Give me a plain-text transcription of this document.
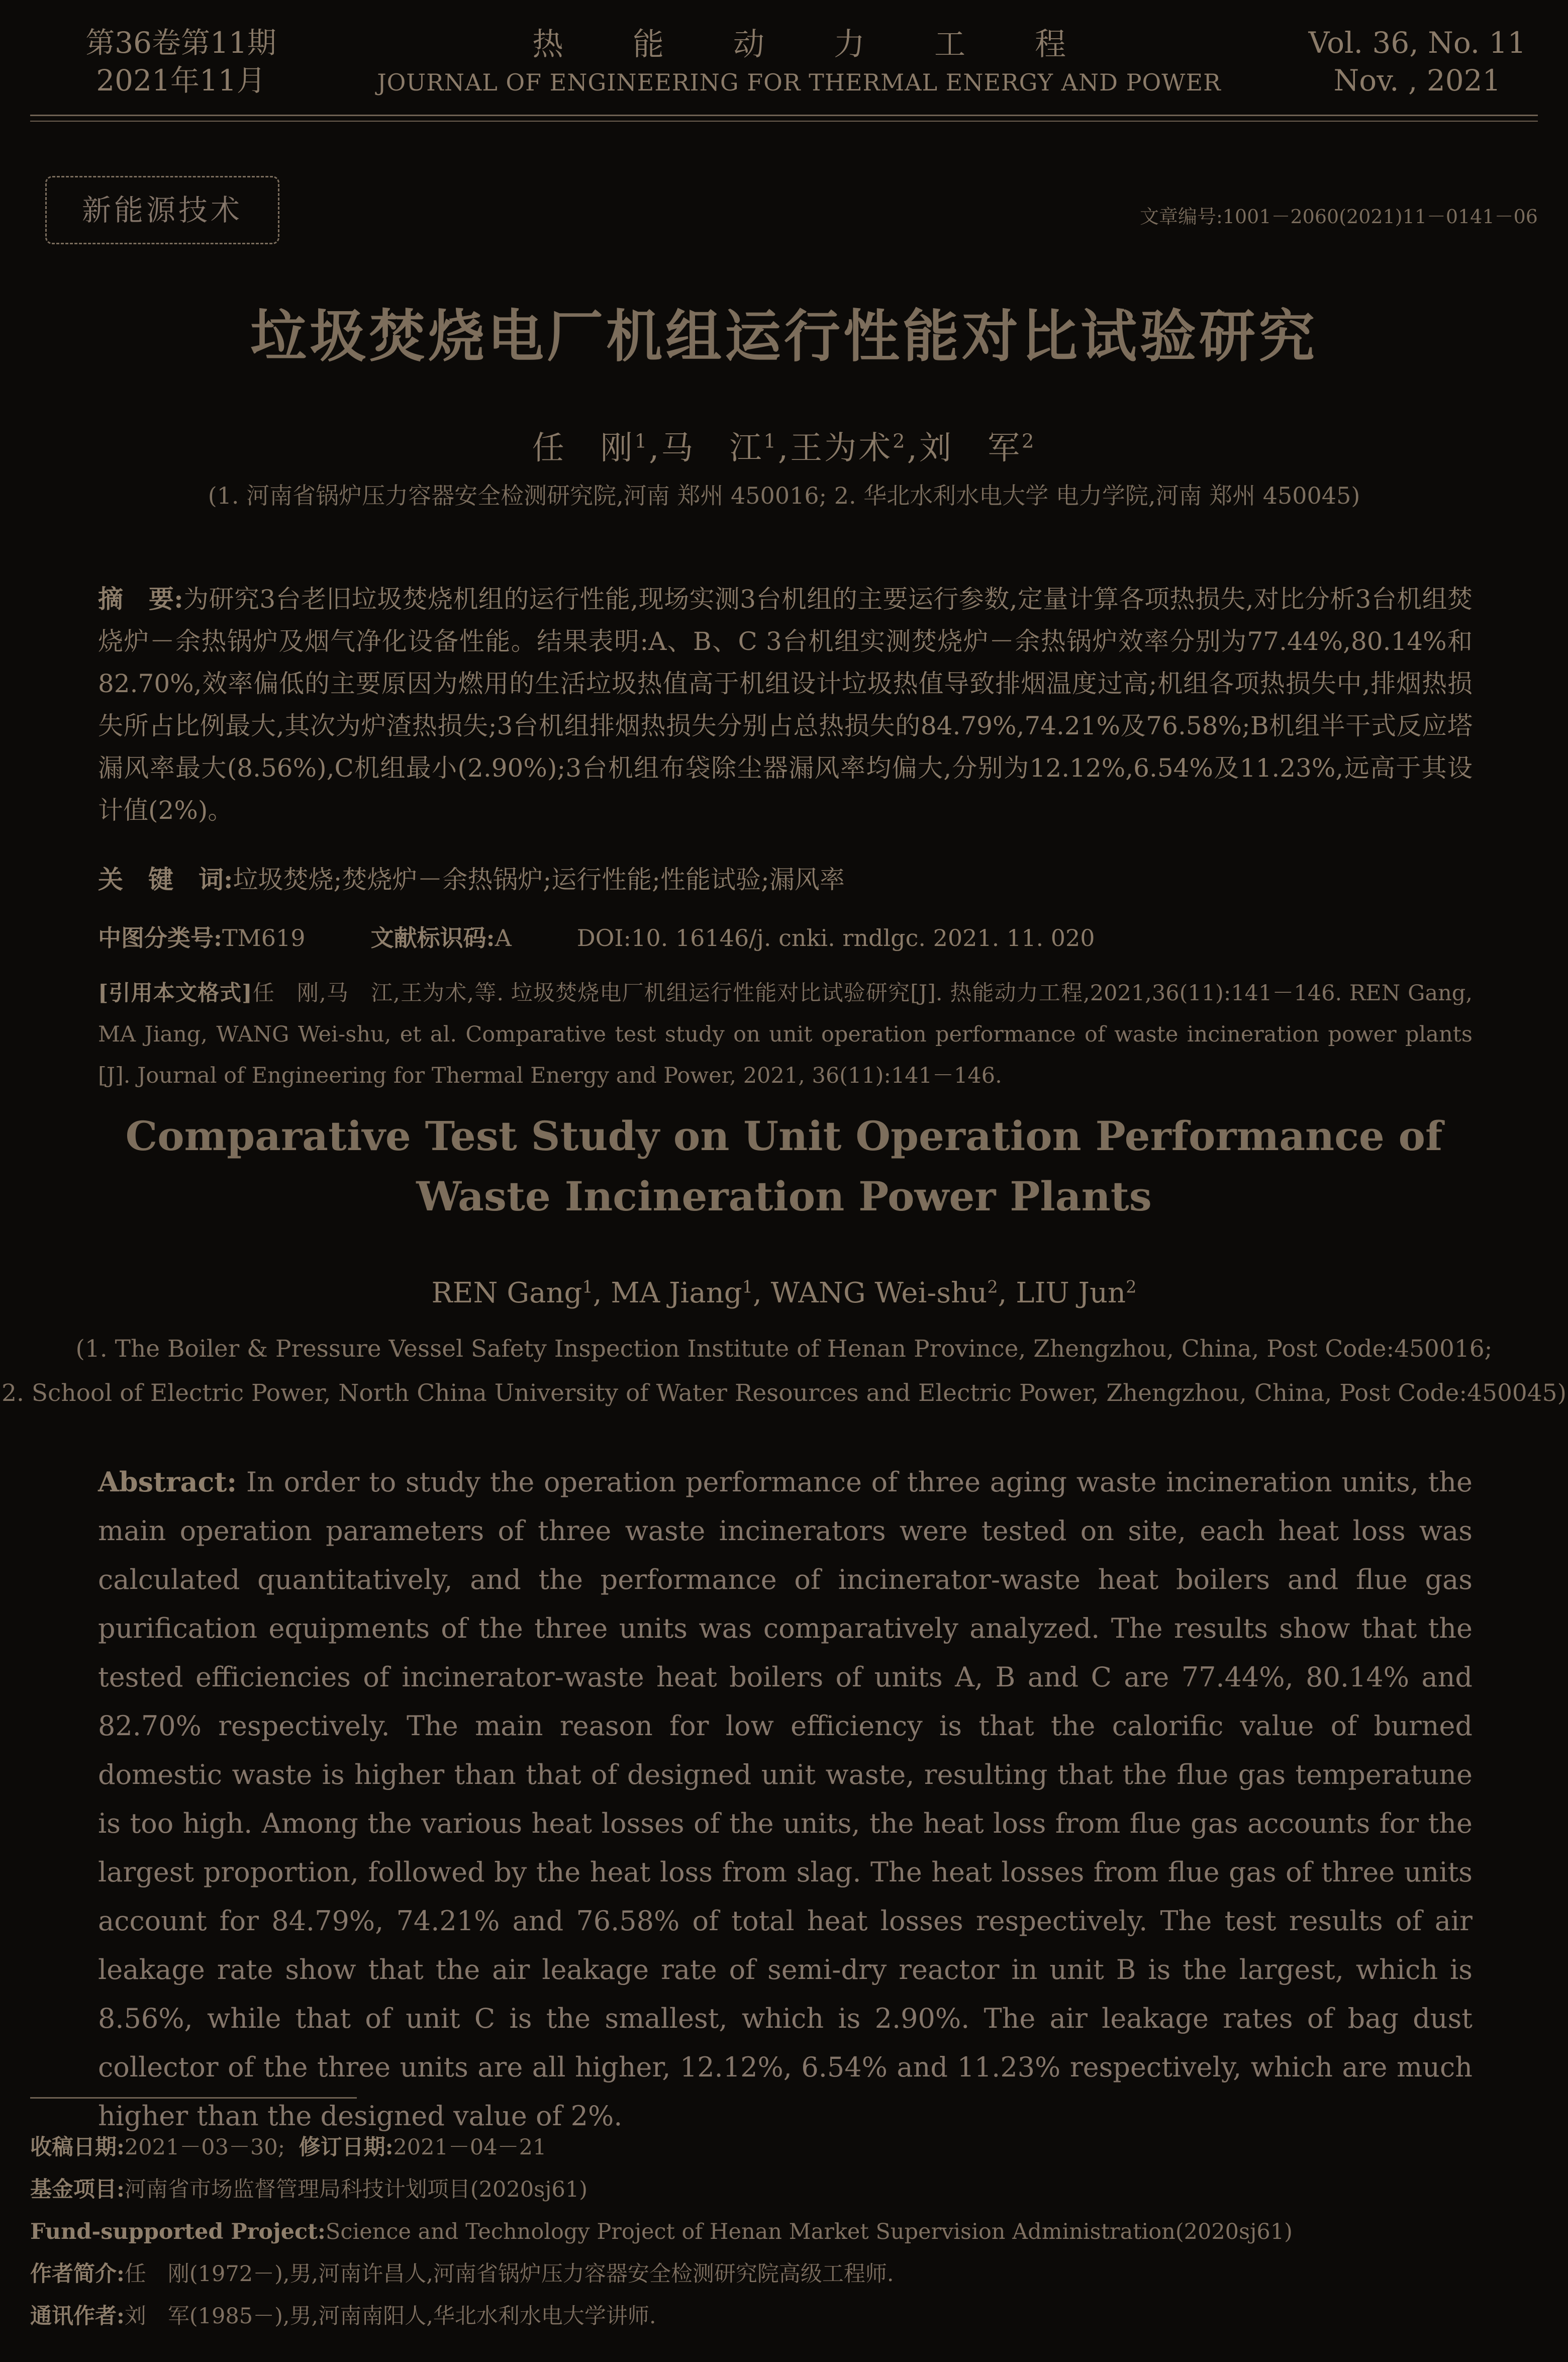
第36卷第11期
2021年11月
热 能 动 力 工 程
JOURNAL OF ENGINEERING FOR THERMAL ENERGY AND POWER
Vol. 36, No. 11
Nov. , 2021
新能源技术	文章编号:1001－2060(2021)11－0141－06
垃圾焚烧电厂机组运行性能对比试验研究
任　刚$^1$,马　江$^1$,王为术$^2$,刘　军$^2$
(1. 河南省锅炉压力容器安全检测研究院,河南 郑州 450016; 2. 华北水利水电大学 电力学院,河南 郑州 450045)
摘　要:为研究3台老旧垃圾焚烧机组的运行性能,现场实测3台机组的主要运行参数,定量计算各项热损失,对比分析3台机组焚烧炉－余热锅炉及烟气净化设备性能。结果表明:A、B、C 3台机组实测焚烧炉－余热锅炉效率分别为77.44%,80.14%和82.70%,效率偏低的主要原因为燃用的生活垃圾热值高于机组设计垃圾热值导致排烟温度过高;机组各项热损失中,排烟热损失所占比例最大,其次为炉渣热损失;3台机组排烟热损失分别占总热损失的84.79%,74.21%及76.58%;B机组半干式反应塔漏风率最大(8.56%),C机组最小(2.90%);3台机组布袋除尘器漏风率均偏大,分别为12.12%,6.54%及11.23%,远高于其设计值(2%)。
关　键　词:垃圾焚烧;焚烧炉－余热锅炉;运行性能;性能试验;漏风率
中图分类号:TM619	文献标识码:A	DOI:10. 16146/j. cnki. rndlgc. 2021. 11. 020
[引用本文格式]任　刚,马　江,王为术,等. 垃圾焚烧电厂机组运行性能对比试验研究[J]. 热能动力工程,2021,36(11):141－146. REN Gang, MA Jiang, WANG Wei-shu, et al. Comparative test study on unit operation performance of waste incineration power plants [J]. Journal of Engineering for Thermal Energy and Power, 2021, 36(11):141－146.
Comparative Test Study on Unit Operation Performance of
Waste Incineration Power Plants
REN Gang$^1$, MA Jiang$^1$, WANG Wei-shu$^2$, LIU Jun$^2$
(1. The Boiler & Pressure Vessel Safety Inspection Institute of Henan Province, Zhengzhou, China, Post Code:450016;
2. School of Electric Power, North China University of Water Resources and Electric Power, Zhengzhou, China, Post Code:450045)
Abstract: In order to study the operation performance of three aging waste incineration units, the main operation parameters of three waste incinerators were tested on site, each heat loss was calculated quantitatively, and the performance of incinerator-waste heat boilers and flue gas purification equipments of the three units was comparatively analyzed. The results show that the tested efficiencies of incinerator-waste heat boilers of units A, B and C are 77.44%, 80.14% and 82.70% respectively. The main reason for low efficiency is that the calorific value of burned domestic waste is higher than that of designed unit waste, resulting that the flue gas temperatune is too high. Among the various heat losses of the units, the heat loss from flue gas accounts for the largest proportion, followed by the heat loss from slag. The heat losses from flue gas of three units account for 84.79%, 74.21% and 76.58% of total heat losses respectively. The test results of air leakage rate show that the air leakage rate of semi-dry reactor in unit B is the largest, which is 8.56%, while that of unit C is the smallest, which is 2.90%. The air leakage rates of bag dust collector of the three units are all higher, 12.12%, 6.54% and 11.23% respectively, which are much higher than the designed value of 2%.
收稿日期:2021－03－30; 修订日期:2021－04－21
基金项目:河南省市场监督管理局科技计划项目(2020sj61)
Fund-supported Project:Science and Technology Project of Henan Market Supervision Administration(2020sj61)
作者简介:任　刚(1972－),男,河南许昌人,河南省锅炉压力容器安全检测研究院高级工程师.
通讯作者:刘　军(1985－),男,河南南阳人,华北水利水电大学讲师.
